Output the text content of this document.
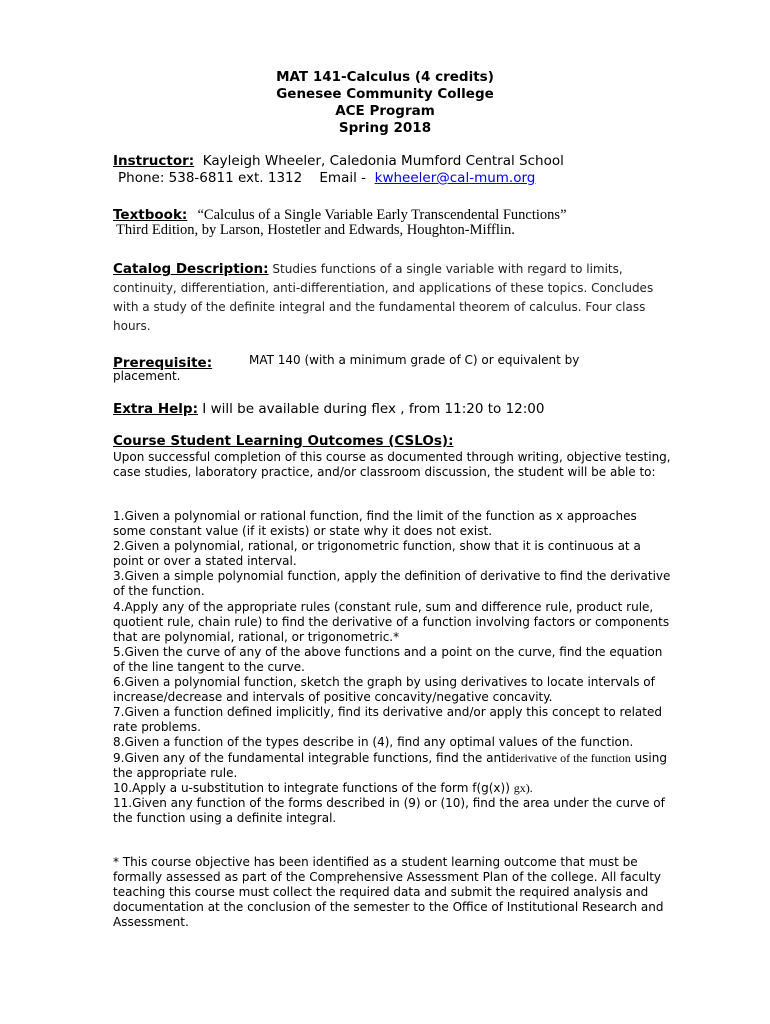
MAT 141-Calculus (4 credits)
Genesee Community College
ACE Program
Spring 2018
Instructor: Kayleigh Wheeler, Caledonia Mumford Central School
Phone: 538-6811 ext. 1312 Email - kwheeler@cal-mum.org
Textbook: “Calculus of a Single Variable Early Transcendental Functions”
Third Edition, by Larson, Hostetler and Edwards, Houghton-Mifflin.
Catalog Description: Studies functions of a single variable with regard to limits, continuity, differentiation, anti-differentiation, and applications of these topics. Concludes with a study of the definite integral and the fundamental theorem of calculus. Four class hours.
Prerequisite:	MAT 140 (with a minimum grade of C) or equivalent by
placement.
Extra Help: I will be available during flex , from 11:20 to 12:00
Course Student Learning Outcomes (CSLOs):
Upon successful completion of this course as documented through writing, objective testing, case studies, laboratory practice, and/or classroom discussion, the student will be able to:
1.Given a polynomial or rational function, find the limit of the function as x approaches some constant value (if it exists) or state why it does not exist.
2.Given a polynomial, rational, or trigonometric function, show that it is continuous at a point or over a stated interval.
3.Given a simple polynomial function, apply the definition of derivative to find the derivative of the function.
4.Apply any of the appropriate rules (constant rule, sum and difference rule, product rule, quotient rule, chain rule) to find the derivative of a function involving factors or components that are polynomial, rational, or trigonometric.*
5.Given the curve of any of the above functions and a point on the curve, find the equation of the line tangent to the curve.
6.Given a polynomial function, sketch the graph by using derivatives to locate intervals of increase/decrease and intervals of positive concavity/negative concavity.
7.Given a function defined implicitly, find its derivative and/or apply this concept to related rate problems.
8.Given a function of the types describe in (4), find any optimal values of the function.
9.Given any of the fundamental integrable functions, find the antiderivative of the function using the appropriate rule.
10.Apply a u-substitution to integrate functions of the form f(g(x)) gx).
11.Given any function of the forms described in (9) or (10), find the area under the curve of the function using a definite integral.
* This course objective has been identified as a student learning outcome that must be formally assessed as part of the Comprehensive Assessment Plan of the college. All faculty teaching this course must collect the required data and submit the required analysis and documentation at the conclusion of the semester to the Office of Institutional Research and Assessment.
